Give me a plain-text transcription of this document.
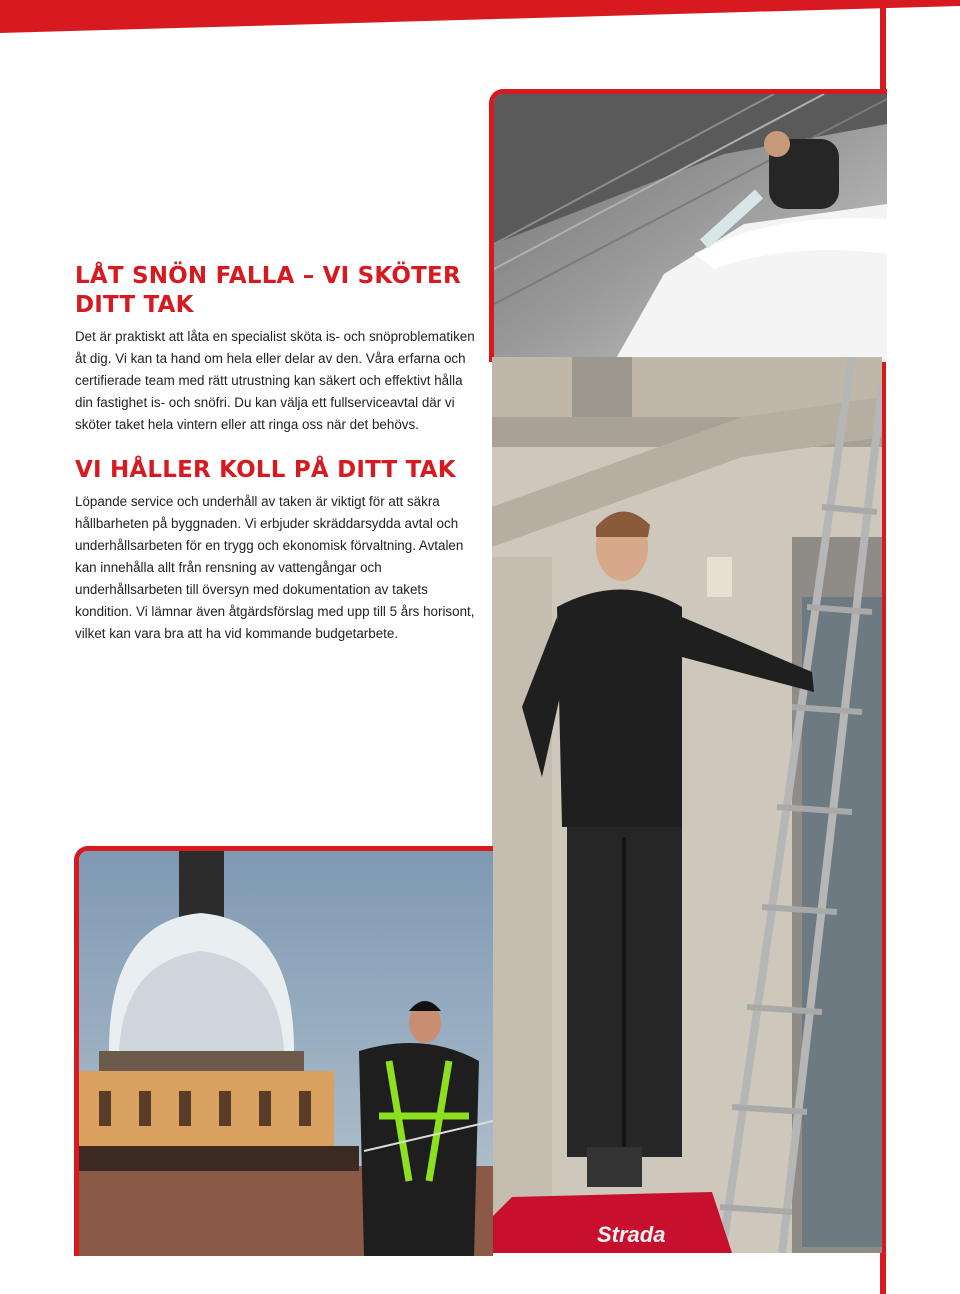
LÅT SNÖN FALLA – VI SKÖTER DITT TAK

Det är praktiskt att låta en specialist sköta is- och snöproblematiken åt dig. Vi kan ta hand om hela eller delar av den. Våra erfarna och certifierade team med rätt utrustning kan säkert och effektivt hålla din fastighet is- och snöfri. Du kan välja ett fullserviceavtal där vi sköter taket hela vintern eller att ringa oss när det behövs.

VI HÅLLER KOLL PÅ DITT TAK

Löpande service och underhåll av taken är viktigt för att säkra hållbarheten på byggnaden. Vi erbjuder skräddarsydda avtal och underhållsarbeten för en trygg och ekonomisk förvaltning. Avtalen kan innehålla allt från rensning av vattengångar och underhållsarbeten till översyn med dokumentation av takets kondition. Vi lämnar även åtgärdsförslag med upp till 5 års horisont, vilket kan vara bra att ha vid kommande budgetarbete.

Strada
